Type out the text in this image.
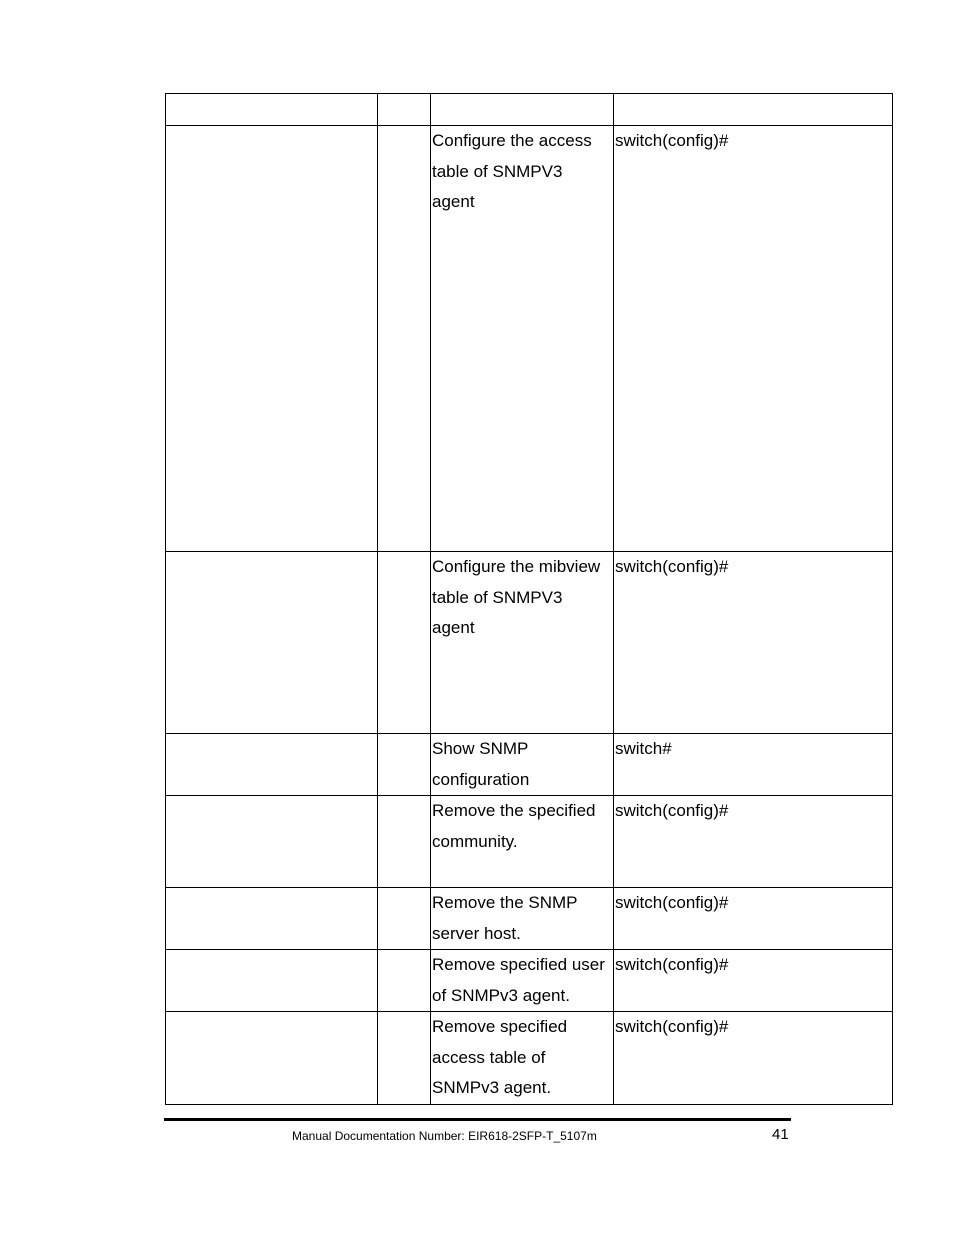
		Configure the access
table of SNMPV3
agent	switch(config)#

		Configure the mibview
table of SNMPV3
agent	switch(config)#

		Show SNMP
configuration	switch#

		Remove the specified
community.	switch(config)#

		Remove the SNMP
server host.	switch(config)#

		Remove specified user
of SNMPv3 agent.	switch(config)#

		Remove specified
access table of
SNMPv3 agent.	switch(config)#
Manual Documentation Number: EIR618-2SFP-T_5107m	41
